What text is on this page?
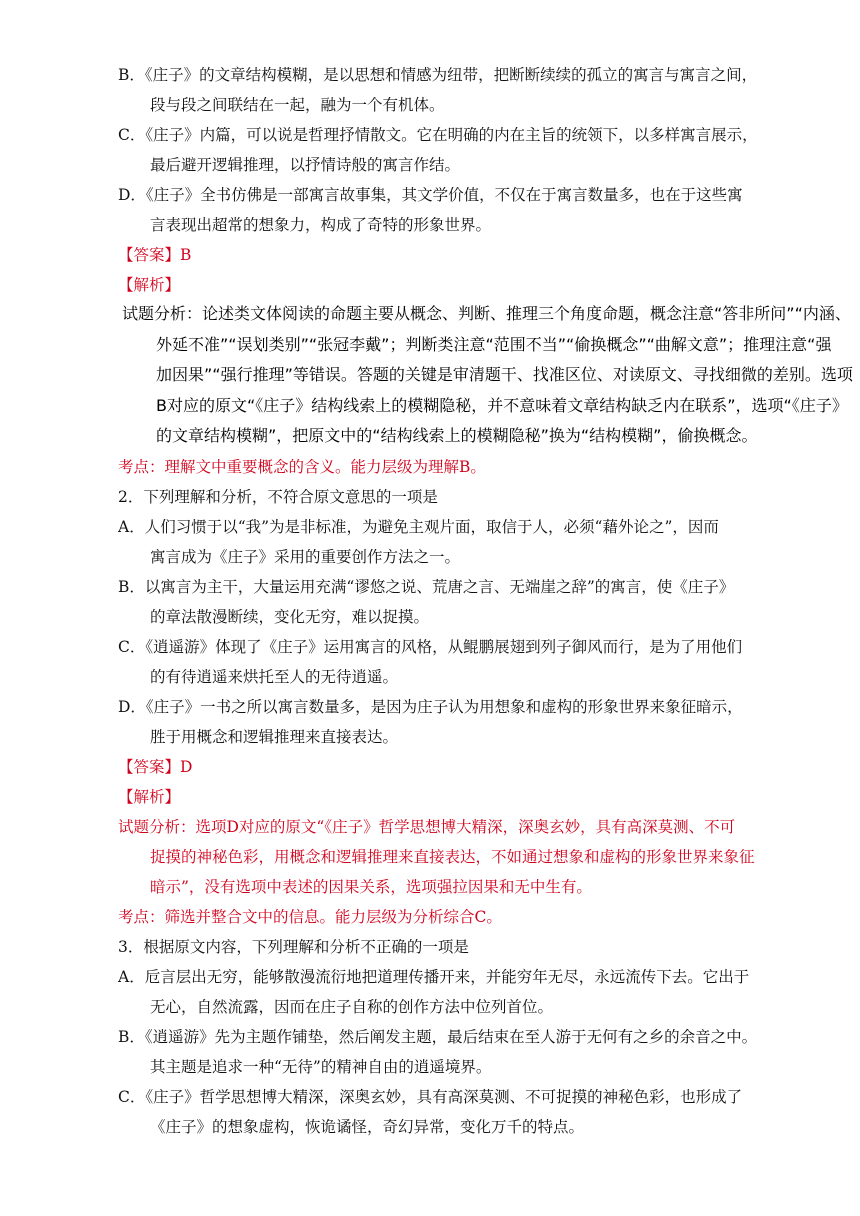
B．《庄子》的文章结构模糊，是以思想和情感为纽带，把断断续续的孤立的寓言与寓言之间，
段与段之间联结在一起，融为一个有机体。
C．《庄子》内篇，可以说是哲理抒情散文。它在明确的内在主旨的统领下，以多样寓言展示，
最后避开逻辑推理，以抒情诗般的寓言作结。
D．《庄子》全书仿佛是一部寓言故事集，其文学价值，不仅在于寓言数量多，也在于这些寓
言表现出超常的想象力，构成了奇特的形象世界。
【答案】B
【解析】
试题分析：论述类文体阅读的命题主要从概念、判断、推理三个角度命题，概念注意“答非所问”“内涵、
外延不准”“误划类别”“张冠李戴”；判断类注意“范围不当”“偷换概念”“曲解文意”；推理注意“强
加因果”“强行推理”等错误。答题的关键是审清题干、找准区位、对读原文、寻找细微的差别。选项
B对应的原文“《庄子》结构线索上的模糊隐秘，并不意味着文章结构缺乏内在联系”，选项“《庄子》
的文章结构模糊”，把原文中的“结构线索上的模糊隐秘”换为“结构模糊”，偷换概念。
考点：理解文中重要概念的含义。能力层级为理解B。
2．下列理解和分析，不符合原文意思的一项是
A．人们习惯于以“我”为是非标准，为避免主观片面，取信于人，必须“藉外论之”，因而
寓言成为《庄子》采用的重要创作方法之一。
B．以寓言为主干，大量运用充满“谬悠之说、荒唐之言、无端崖之辞”的寓言，使《庄子》
的章法散漫断续，变化无穷，难以捉摸。
C．《逍遥游》体现了《庄子》运用寓言的风格，从鲲鹏展翅到列子御风而行，是为了用他们
的有待逍遥来烘托至人的无待逍遥。
D．《庄子》一书之所以寓言数量多，是因为庄子认为用想象和虚构的形象世界来象征暗示，
胜于用概念和逻辑推理来直接表达。
【答案】D
【解析】
试题分析：选项D对应的原文“《庄子》哲学思想博大精深，深奥玄妙，具有高深莫测、不可
捉摸的神秘色彩，用概念和逻辑推理来直接表达，不如通过想象和虚构的形象世界来象征
暗示”，没有选项中表述的因果关系，选项强拉因果和无中生有。
考点：筛选并整合文中的信息。能力层级为分析综合C。
3．根据原文内容，下列理解和分析不正确的一项是
A．卮言层出无穷，能够散漫流衍地把道理传播开来，并能穷年无尽，永远流传下去。它出于
无心，自然流露，因而在庄子自称的创作方法中位列首位。
B．《逍遥游》先为主题作铺垫，然后阐发主题，最后结束在至人游于无何有之乡的余音之中。
其主题是追求一种“无待”的精神自由的逍遥境界。
C．《庄子》哲学思想博大精深，深奥玄妙，具有高深莫测、不可捉摸的神秘色彩，也形成了
《庄子》的想象虚构，恢诡谲怪，奇幻异常，变化万千的特点。
